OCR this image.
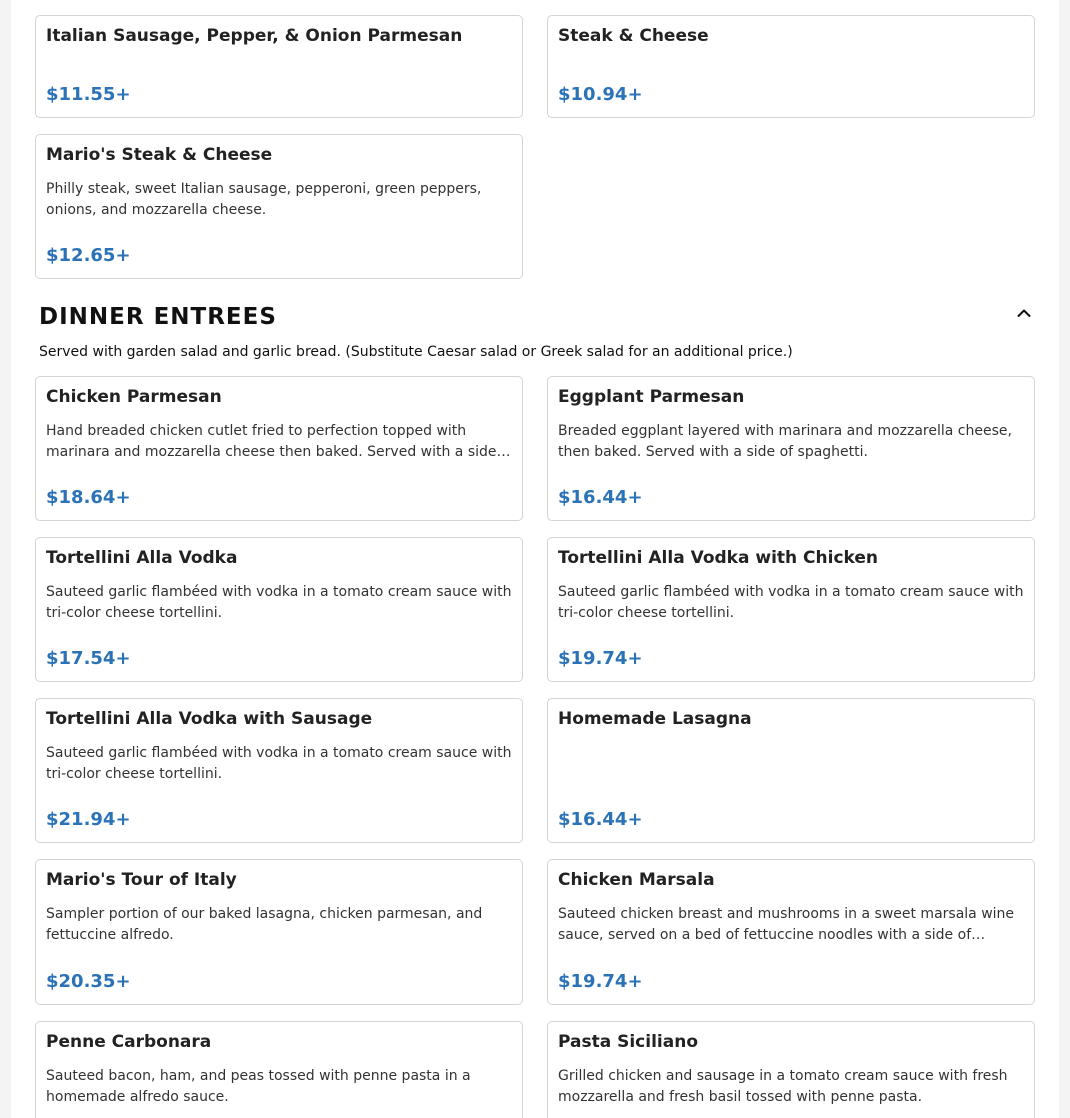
Italian Sausage, Pepper, & Onion Parmesan
$11.55+
Steak & Cheese
$10.94+
Mario's Steak & Cheese
Philly steak, sweet Italian sausage, pepperoni, green peppers, onions, and mozzarella cheese.
$12.65+
DINNER ENTREES
Served with garden salad and garlic bread. (Substitute Caesar salad or Greek salad for an additional price.)
Chicken Parmesan
Hand breaded chicken cutlet fried to perfection topped with marinara and mozzarella cheese then baked. Served with a side…
$18.64+
Eggplant Parmesan
Breaded eggplant layered with marinara and mozzarella cheese, then baked. Served with a side of spaghetti.
$16.44+
Tortellini Alla Vodka
Sauteed garlic flambéed with vodka in a tomato cream sauce with tri-color cheese tortellini.
$17.54+
Tortellini Alla Vodka with Chicken
Sauteed garlic flambéed with vodka in a tomato cream sauce with tri-color cheese tortellini.
$19.74+
Tortellini Alla Vodka with Sausage
Sauteed garlic flambéed with vodka in a tomato cream sauce with tri-color cheese tortellini.
$21.94+
Homemade Lasagna
$16.44+
Mario's Tour of Italy
Sampler portion of our baked lasagna, chicken parmesan, and fettuccine alfredo.
$20.35+
Chicken Marsala
Sauteed chicken breast and mushrooms in a sweet marsala wine sauce, served on a bed of fettuccine noodles with a side of…
$19.74+
Penne Carbonara
Sauteed bacon, ham, and peas tossed with penne pasta in a homemade alfredo sauce.
Pasta Siciliano
Grilled chicken and sausage in a tomato cream sauce with fresh mozzarella and fresh basil tossed with penne pasta.
